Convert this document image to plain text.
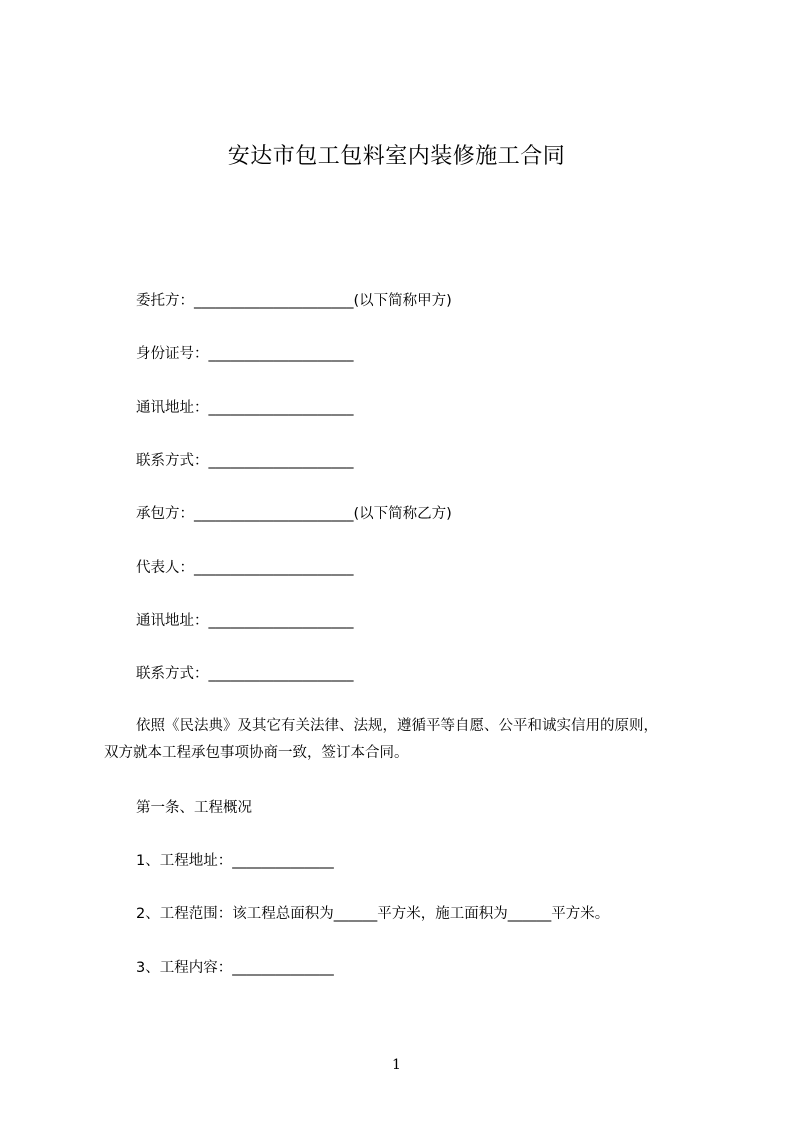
安达市包工包料室内装修施工合同
委托方：______________________(以下简称甲方)
身份证号：____________________
通讯地址：____________________
联系方式：____________________
承包方：______________________(以下简称乙方)
代表人：______________________
通讯地址：____________________
联系方式：____________________
依照《民法典》及其它有关法律、法规，遵循平等自愿、公平和诚实信用的原则，
双方就本工程承包事项协商一致，签订本合同。
第一条、工程概况
1、工程地址：______________
2、工程范围：该工程总面积为______平方米，施工面积为______平方米。
3、工程内容：______________
1
